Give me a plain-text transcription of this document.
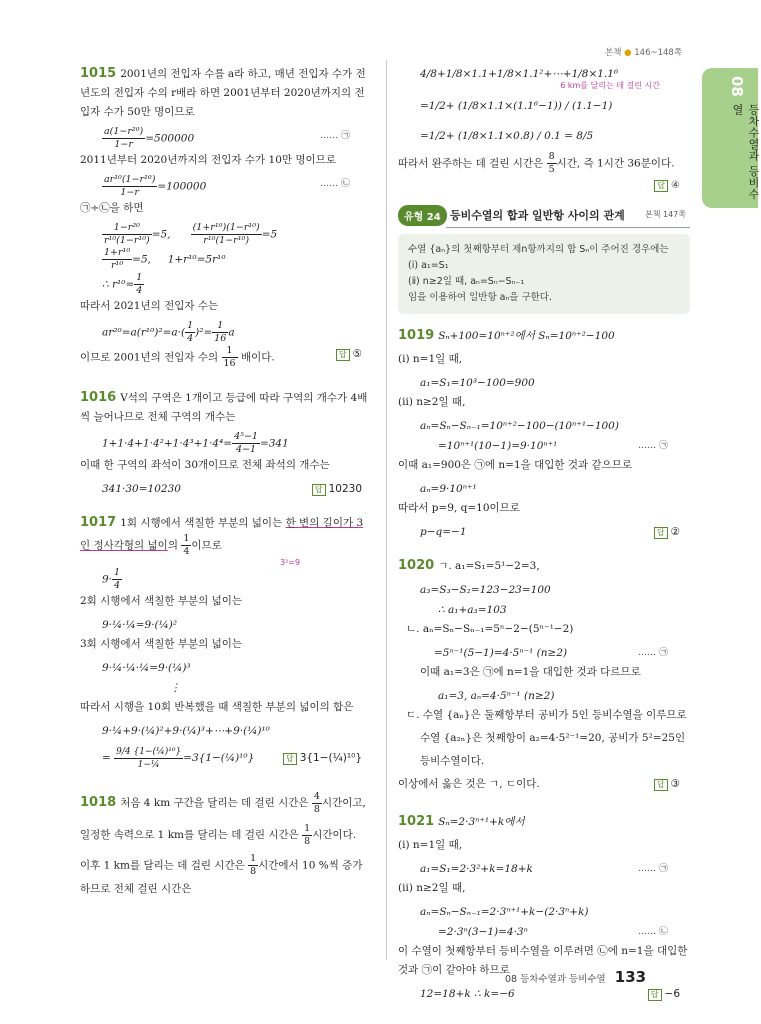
본책 ● 146~148쪽
08
등차수열과 등비수열
1015 2001년의 전입자 수를 a라 하고, 매년 전입자 수가 전년도의 전입자 수의 r배라 하면 2001년부터 2020년까지의 전입자 수가 50만 명이므로
$\frac{\text{a(1−r²⁰)}}{1-r} =500000$	…… ㉠
2011년부터 2020년까지의 전입자 수가 10만 명이므로
$\frac{\text{ar¹⁰(1−r¹⁰)}}{1-r} =100000$	…… ㉡
㉠÷㉡을 하면
$\frac{\text{1−r²⁰}}{\text{r¹⁰(1−r¹⁰)}} =5$, $\frac{\text{(1+r¹⁰)(1−r¹⁰)}}{\text{r¹⁰(1−r¹⁰)}} =5$
$\frac{\text{1+r¹⁰}}{\text{r¹⁰}} =5$, 1+r¹⁰=5r¹⁰
∴ $r^{10}= \frac{1}{4}$
따라서 2021년의 전입자 수는
$ar^{20}=a(r^{10})^2=a\cdot( \frac{1}{4} )^2= \frac{1}{16}$ a
이므로 2001년의 전입자 수의 $\frac{1}{16}$ 배이다.	답 ⑤
1016 V석의 구역은 1개이고 등급에 따라 구역의 개수가 4배씩 늘어나므로 전체 구역의 개수는
$1+1\cdot 4+1\cdot 4^2+1\cdot 4^3+1\cdot 4^4= \frac{\text{4⁵−1}}{4-1} =341$
이때 한 구역의 좌석이 30개이므로 전체 좌석의 개수는
341·30=10230	답 10230
1017 1회 시행에서 색칠한 부분의 넓이는 한 변의 길이가 3인 정사각형의 넓이의 $\frac{1}{4}$ 이므로
3²=9
$9\cdot \frac{1}{4}$
2회 시행에서 색칠한 부분의 넓이는
9·¼·¼=9·(¼)²
3회 시행에서 색칠한 부분의 넓이는
9·¼·¼·¼=9·(¼)³
⋮
따라서 시행을 10회 반복했을 때 색칠한 부분의 넓이의 합은
9·¼+9·(¼)²+9·(¼)³+⋯+9·(¼)¹⁰
= $\frac{\text{9/4 \{1−(¼)¹⁰\}}}{\text{1−¼}}$ =3{1−(¼)¹⁰}	답 3{1−(¼)¹⁰}
1018 처음 4 km 구간을 달리는 데 걸린 시간은 $\frac{4}{8}$ 시간이고,
일정한 속력으로 1 km를 달리는 데 걸린 시간은 $\frac{1}{8}$ 시간이다.
이후 1 km를 달리는 데 걸린 시간은 $\frac{1}{8}$ 시간에서 10 %씩 증가하므로 전체 걸린 시간은
4/8+1/8×1.1+1/8×1.1²+⋯+1/8×1.1⁶
6 km를 달리는 데 걸린 시간
=1/2+ (1/8×1.1×(1.1⁶−1)) / (1.1−1)
=1/2+ (1/8×1.1×0.8) / 0.1 = 8/5
따라서 완주하는 데 걸린 시간은 $\frac{8}{5}$ 시간, 즉 1시간 36분이다.
답 ④
유형 24 등비수열의 합과 일반항 사이의 관계	본책 147쪽
수열 {aₙ}의 첫째항부터 제n항까지의 합 Sₙ이 주어진 경우에는
(ⅰ) a₁=S₁
(ⅱ) n≥2일 때, aₙ=Sₙ−Sₙ₋₁
임을 이용하여 일반항 aₙ을 구한다.
1019 Sₙ+100=10ⁿ⁺²에서 Sₙ=10ⁿ⁺²−100
(ⅰ) n=1일 때,
a₁=S₁=10³−100=900
(ⅱ) n≥2일 때,
aₙ=Sₙ−Sₙ₋₁=10ⁿ⁺²−100−(10ⁿ⁺¹−100)
=10ⁿ⁺¹(10−1)=9·10ⁿ⁺¹	…… ㉠
이때 a₁=900은 ㉠에 n=1을 대입한 것과 같으므로
aₙ=9·10ⁿ⁺¹
따라서 p=9, q=10이므로
p−q=−1	답 ②
1020 ㄱ. a₁=S₁=5¹−2=3,
a₃=S₃−S₂=123−23=100
∴ a₁+a₃=103
ㄴ. aₙ=Sₙ−Sₙ₋₁=5ⁿ−2−(5ⁿ⁻¹−2)
=5ⁿ⁻¹(5−1)=4·5ⁿ⁻¹ (n≥2)	…… ㉠
이때 a₁=3은 ㉠에 n=1을 대입한 것과 다르므로
a₁=3, aₙ=4·5ⁿ⁻¹ (n≥2)
ㄷ. 수열 {aₙ}은 둘째항부터 공비가 5인 등비수열을 이루므로
수열 {a₂ₙ}은 첫째항이 a₂=4·5²⁻¹=20, 공비가 5²=25인
등비수열이다.
이상에서 옳은 것은 ㄱ, ㄷ이다.	답 ③
1021 Sₙ=2·3ⁿ⁺¹+k에서
(ⅰ) n=1일 때,
a₁=S₁=2·3²+k=18+k	…… ㉠
(ⅱ) n≥2일 때,
aₙ=Sₙ−Sₙ₋₁=2·3ⁿ⁺¹+k−(2·3ⁿ+k)
=2·3ⁿ(3−1)=4·3ⁿ	…… ㉡
이 수열이 첫째항부터 등비수열을 이루려면 ㉡에 n=1을 대입한 것과 ㉠이 같아야 하므로
12=18+k ∴ k=−6	답 −6
08 등차수열과 등비수열 133
